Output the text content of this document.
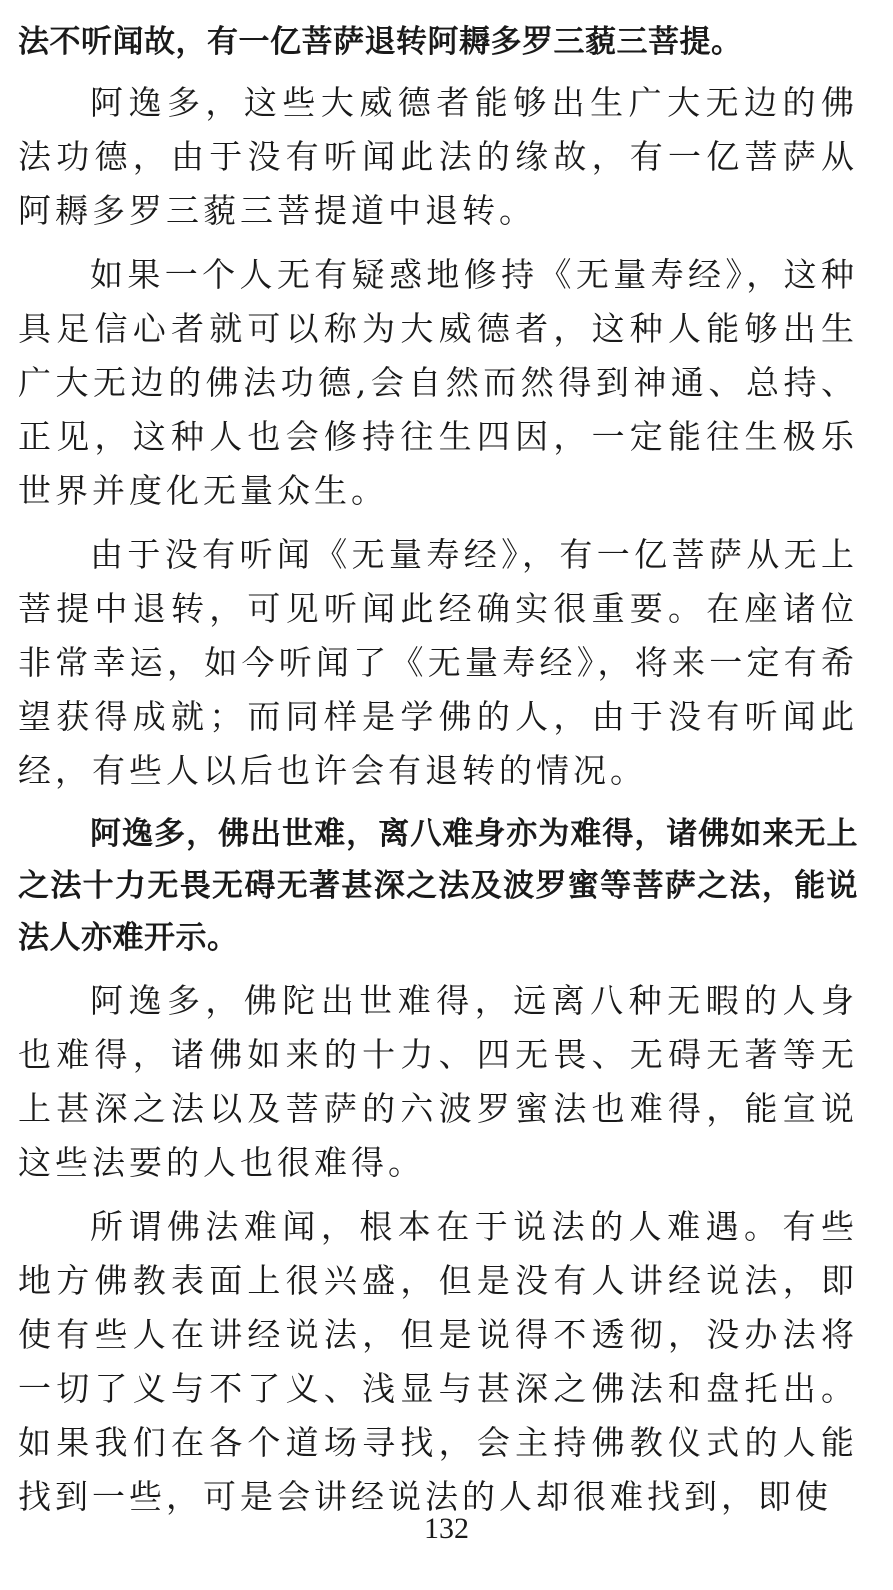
法不听闻故，有一亿菩萨退转阿耨多罗三藐三菩提。

阿逸多，这些大威德者能够出生广大无边的佛法功德，由于没有听闻此法的缘故，有一亿菩萨从阿耨多罗三藐三菩提道中退转。

如果一个人无有疑惑地修持《无量寿经》，这种具足信心者就可以称为大威德者，这种人能够出生广大无边的佛法功德,会自然而然得到神通、总持、正见，这种人也会修持往生四因，一定能往生极乐世界并度化无量众生。

由于没有听闻《无量寿经》，有一亿菩萨从无上菩提中退转，可见听闻此经确实很重要。在座诸位非常幸运，如今听闻了《无量寿经》，将来一定有希望获得成就；而同样是学佛的人，由于没有听闻此经，有些人以后也许会有退转的情况。

阿逸多，佛出世难，离八难身亦为难得，诸佛如来无上之法十力无畏无碍无著甚深之法及波罗蜜等菩萨之法，能说法人亦难开示。

阿逸多，佛陀出世难得，远离八种无暇的人身也难得，诸佛如来的十力、四无畏、无碍无著等无上甚深之法以及菩萨的六波罗蜜法也难得，能宣说这些法要的人也很难得。

所谓佛法难闻，根本在于说法的人难遇。有些地方佛教表面上很兴盛，但是没有人讲经说法，即使有些人在讲经说法，但是说得不透彻，没办法将一切了义与不了义、浅显与甚深之佛法和盘托出。如果我们在各个道场寻找，会主持佛教仪式的人能找到一些，可是会讲经说法的人却很难找到，即使

132
